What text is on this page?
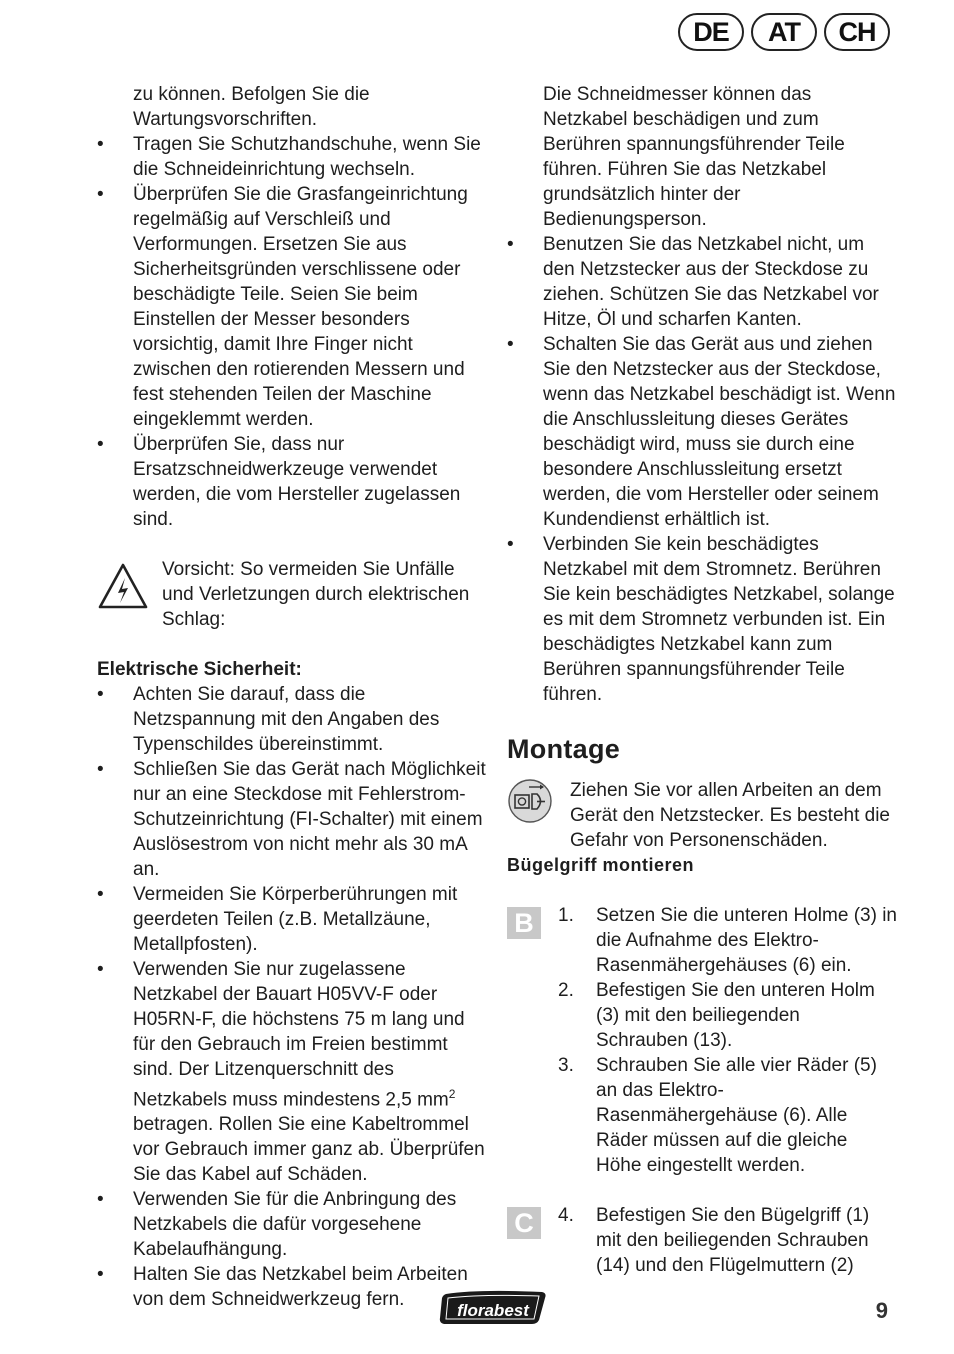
DE	AT	CH

zu können. Befolgen Sie die Wartungsvorschriften.

• Tragen Sie Schutzhandschuhe, wenn Sie die Schneideinrichtung wechseln.
• Überprüfen Sie die Grasfangeinrichtung regelmäßig auf Verschleiß und Verformungen. Ersetzen Sie aus Sicherheitsgründen verschlissene oder beschädigte Teile. Seien Sie beim Einstellen der Messer besonders vorsichtig, damit Ihre Finger nicht zwischen den rotierenden Messern und fest stehenden Teilen der Maschine eingeklemmt werden.
• Überprüfen Sie, dass nur Ersatzschneidwerkzeuge verwendet werden, die vom Hersteller zugelassen sind.

Vorsicht: So vermeiden Sie Unfälle und Verletzungen durch elektrischen Schlag:

Elektrische Sicherheit:

• Achten Sie darauf, dass die Netzspannung mit den Angaben des Typenschildes übereinstimmt.
• Schließen Sie das Gerät nach Möglichkeit nur an eine Steckdose mit Fehlerstrom-Schutzeinrichtung (FI-Schalter) mit einem Auslösestrom von nicht mehr als 30 mA an.
• Vermeiden Sie Körperberührungen mit geerdeten Teilen (z.B. Metallzäune, Metallpfosten).
• Verwenden Sie nur zugelassene Netzkabel der Bauart H05VV-F oder H05RN-F, die höchstens 75 m lang und für den Gebrauch im Freien bestimmt sind. Der Litzenquerschnitt des Netzkabels muss mindestens 2,5 $mm^2$ betragen. Rollen Sie eine Kabeltrommel vor Gebrauch immer ganz ab. Überprüfen Sie das Kabel auf Schäden.
• Verwenden Sie für die Anbringung des Netzkabels die dafür vorgesehene Kabelaufhängung.
• Halten Sie das Netzkabel beim Arbeiten von dem Schneidwerkzeug fern.

Die Schneidmesser können das Netzkabel beschädigen und zum Berühren spannungsführender Teile führen. Führen Sie das Netzkabel grundsätzlich hinter der Bedienungsperson.

• Benutzen Sie das Netzkabel nicht, um den Netzstecker aus der Steckdose zu ziehen. Schützen Sie das Netzkabel vor Hitze, Öl und scharfen Kanten.
• Schalten Sie das Gerät aus und ziehen Sie den Netzstecker aus der Steckdose, wenn das Netzkabel beschädigt ist. Wenn die Anschlussleitung dieses Gerätes beschädigt wird, muss sie durch eine besondere Anschlussleitung ersetzt werden, die vom Hersteller oder seinem Kundendienst erhältlich ist.
• Verbinden Sie kein beschädigtes Netzkabel mit dem Stromnetz. Berühren Sie kein beschädigtes Netzkabel, solange es mit dem Stromnetz verbunden ist. Ein beschädigtes Netzkabel kann zum Berühren spannungsführender Teile führen.
Montage

Ziehen Sie vor allen Arbeiten an dem Gerät den Netzstecker. Es besteht die Gefahr von Personenschäden.

Bügelgriff montieren

B	1. Setzen Sie die unteren Holme (3) in die Aufnahme des Elektro-Rasenmähergehäuses (6) ein.
2. Befestigen Sie den unteren Holm (3) mit den beiliegenden Schrauben (13).
3. Schrauben Sie alle vier Räder (5) an das Elektro-Rasenmähergehäuse (6). Alle Räder müssen auf die gleiche Höhe eingestellt werden.
C	4. Befestigen Sie den Bügelgriff (1) mit den beiliegenden Schrauben (14) und den Flügelmuttern (2)
florabest	9
